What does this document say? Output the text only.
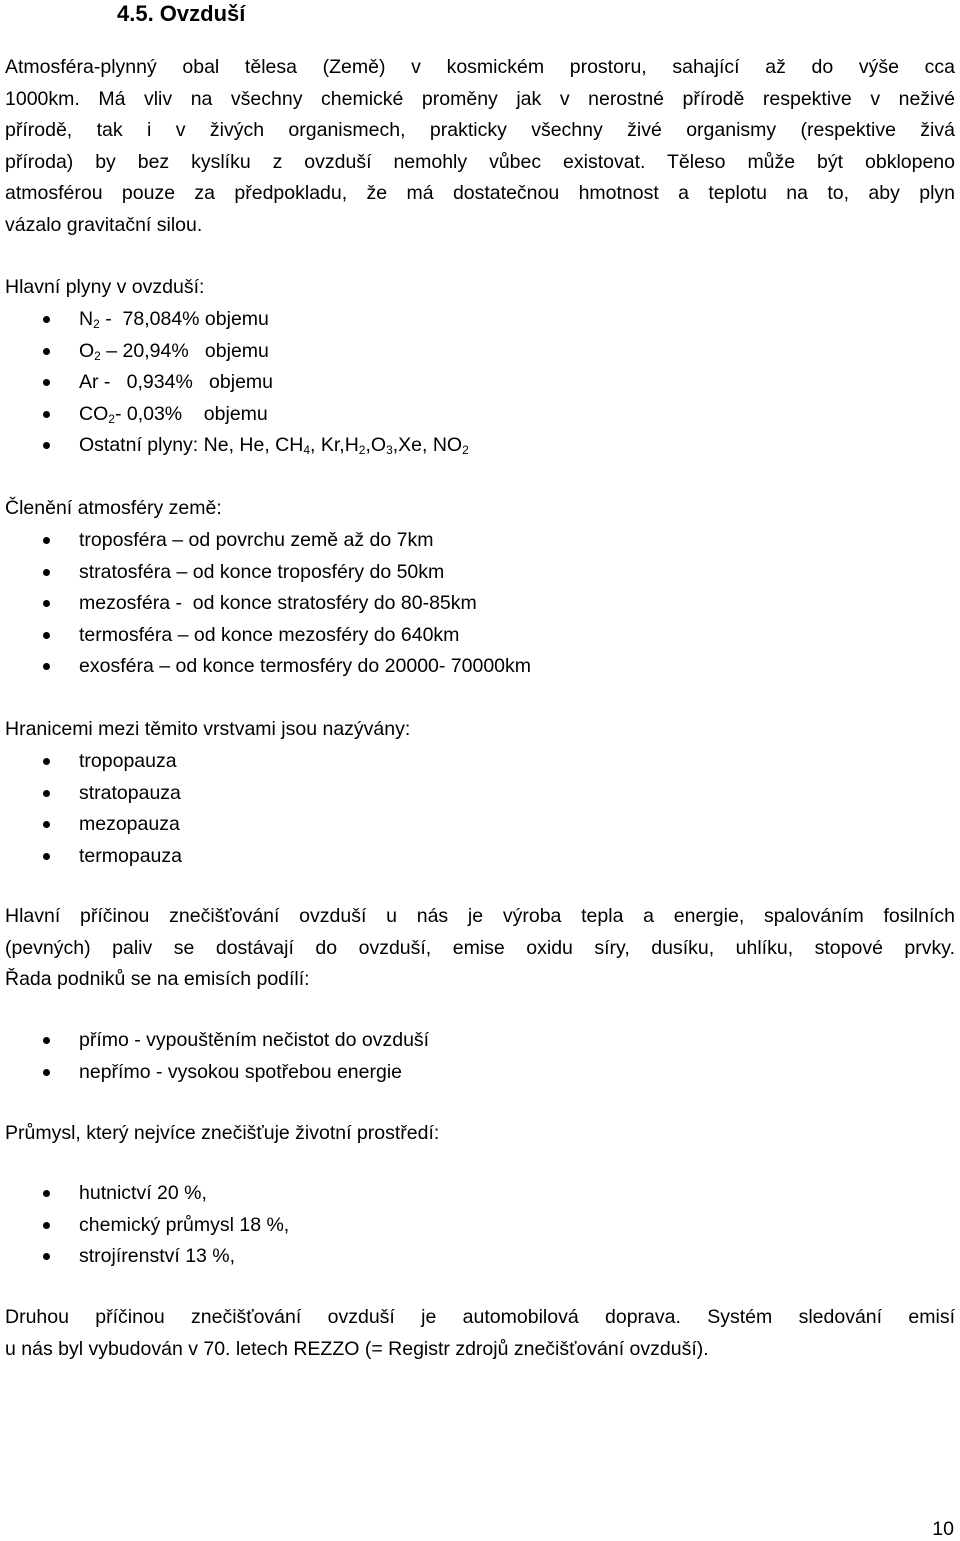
4.5. Ovzduší
Atmosféra-plynný obal tělesa (Země) v kosmickém prostoru, sahající až do výše cca
1000km. Má vliv na všechny chemické proměny jak v nerostné přírodě respektive v neživé
přírodě, tak i v živých organismech, prakticky všechny živé organismy (respektive živá
příroda) by bez kyslíku z ovzduší nemohly vůbec existovat. Těleso může být obklopeno
atmosférou pouze za předpokladu, že má dostatečnou hmotnost a teplotu na to, aby plyn
vázalo gravitační silou.
Hlavní plyny v ovzduší:
$N_2 - 78,084\%$ objemu
$O_2 - 20,94\%$   objemu
Ar -   0,934%   objemu
$CO_2-$ 0,03%    objemu
Ostatní plyny: Ne, He, $CH_4$, $Kr,H_2,O_3,Xe$, $NO_2$
Členění atmosféry země:
troposféra – od povrchu země až do 7km
stratosféra – od konce troposféry do 50km
mezosféra -  od konce stratosféry do 80-85km
termosféra – od konce mezosféry do 640km
exosféra – od konce termosféry do 20000- 70000km
Hranicemi mezi těmito vrstvami jsou nazývány:
tropopauza
stratopauza
mezopauza
termopauza
Hlavní příčinou znečišťování ovzduší u nás je výroba tepla a energie, spalováním fosilních
(pevných) paliv se dostávají do ovzduší, emise oxidu síry, dusíku, uhlíku, stopové prvky.
Řada podniků se na emisích podílí:
přímo - vypouštěním nečistot do ovzduší
nepřímo - vysokou spotřebou energie
Průmysl, který nejvíce znečišťuje životní prostředí:
hutnictví 20 %,
chemický průmysl 18 %,
strojírenství 13 %,
Druhou příčinou znečišťování ovzduší je automobilová doprava. Systém sledování emisí
u nás byl vybudován v 70. letech REZZO (= Registr zdrojů znečišťování ovzduší).
10
